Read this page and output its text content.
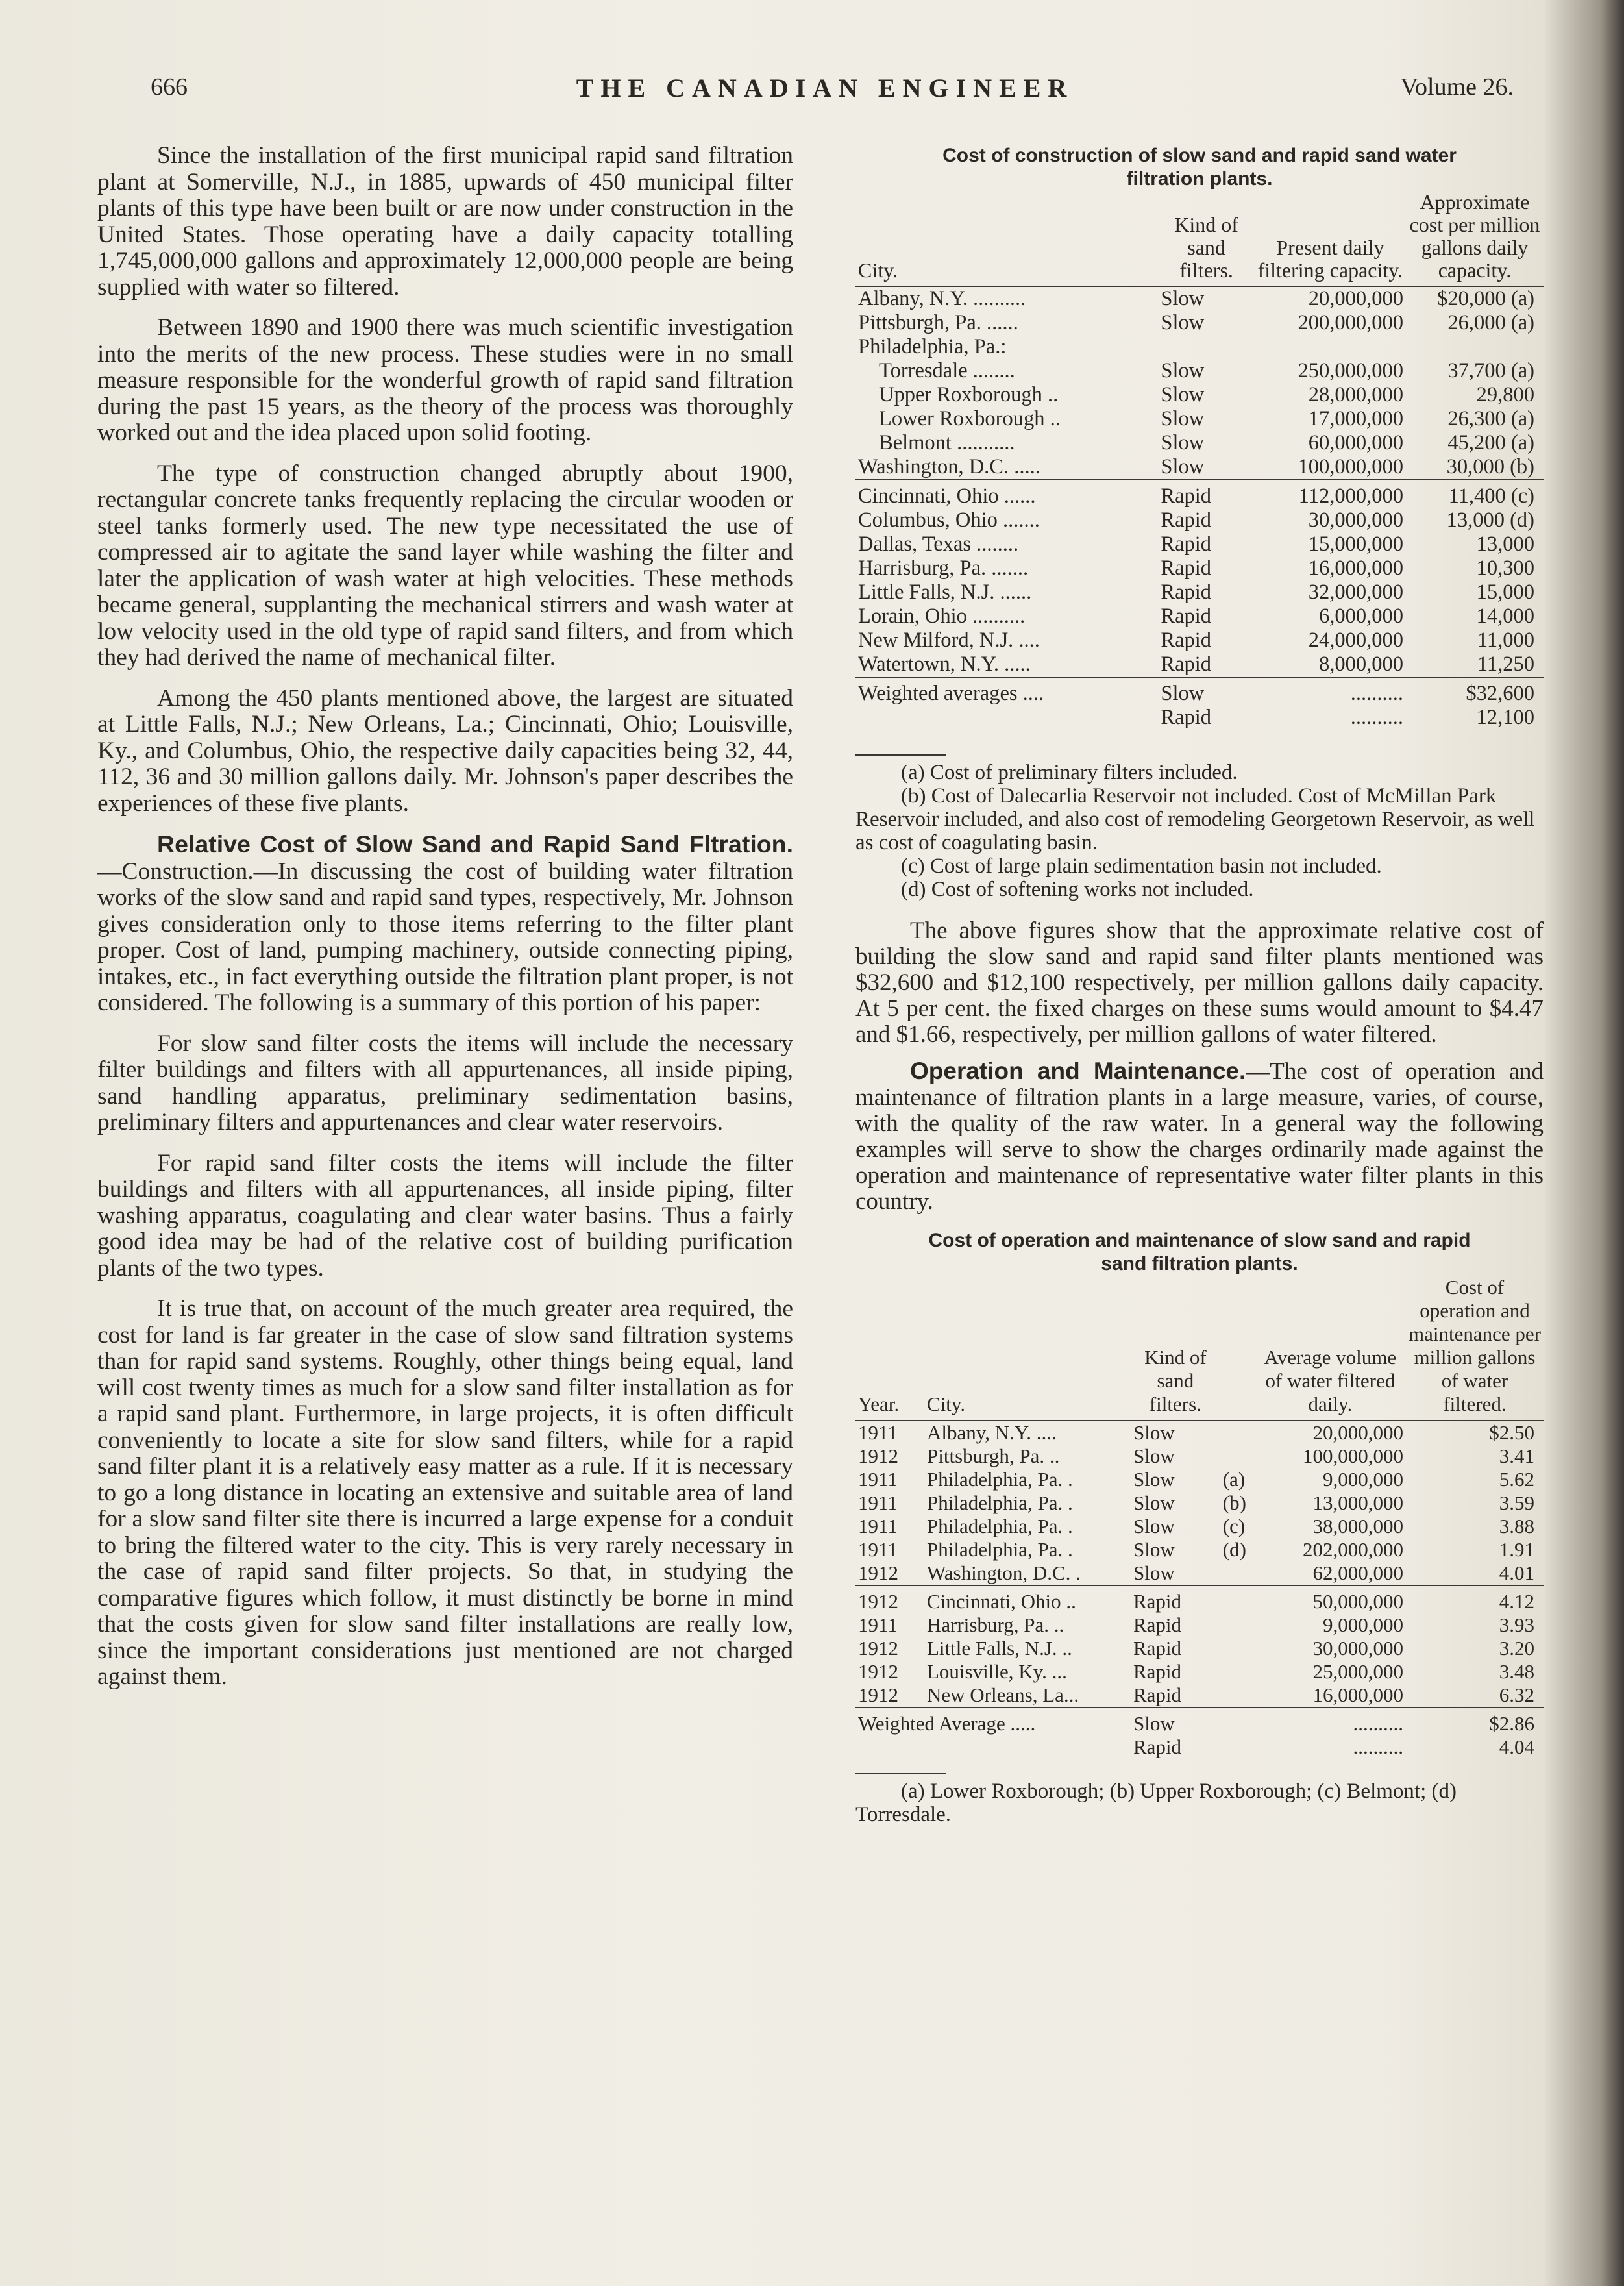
666	THE CANADIAN ENGINEER	Volume 26.

Since the installation of the first municipal rapid sand filtration plant at Somerville, N.J., in 1885, upwards of 450 municipal filter plants of this type have been built or are now under construction in the United States. Those operating have a daily capacity totalling 1,745,000,000 gallons and approximately 12,000,000 people are being supplied with water so filtered.

Between 1890 and 1900 there was much scientific investigation into the merits of the new process. These studies were in no small measure responsible for the wonderful growth of rapid sand filtration during the past 15 years, as the theory of the process was thoroughly worked out and the idea placed upon solid footing.

The type of construction changed abruptly about 1900, rectangular concrete tanks frequently replacing the circular wooden or steel tanks formerly used. The new type necessitated the use of compressed air to agitate the sand layer while washing the filter and later the application of wash water at high velocities. These methods became general, supplanting the mechanical stirrers and wash water at low velocity used in the old type of rapid sand filters, and from which they had derived the name of mechanical filter.

Among the 450 plants mentioned above, the largest are situated at Little Falls, N.J.; New Orleans, La.; Cincinnati, Ohio; Louisville, Ky., and Columbus, Ohio, the respective daily capacities being 32, 44, 112, 36 and 30 million gallons daily. Mr. Johnson's paper describes the experiences of these five plants.

Relative Cost of Slow Sand and Rapid Sand Fltration.—Construction.—In discussing the cost of building water filtration works of the slow sand and rapid sand types, respectively, Mr. Johnson gives consideration only to those items referring to the filter plant proper. Cost of land, pumping machinery, outside connecting piping, intakes, etc., in fact everything outside the filtration plant proper, is not considered. The following is a summary of this portion of his paper:

For slow sand filter costs the items will include the necessary filter buildings and filters with all appurtenances, all inside piping, sand handling apparatus, preliminary sedimentation basins, preliminary filters and appurtenances and clear water reservoirs.

For rapid sand filter costs the items will include the filter buildings and filters with all appurtenances, all inside piping, filter washing apparatus, coagulating and clear water basins. Thus a fairly good idea may be had of the relative cost of building purification plants of the two types.

It is true that, on account of the much greater area required, the cost for land is far greater in the case of slow sand filtration systems than for rapid sand systems. Roughly, other things being equal, land will cost twenty times as much for a slow sand filter installation as for a rapid sand plant. Furthermore, in large projects, it is often difficult conveniently to locate a site for slow sand filters, while for a rapid sand filter plant it is a relatively easy matter as a rule. If it is necessary to go a long distance in locating an extensive and suitable area of land for a slow sand filter site there is incurred a large expense for a conduit to bring the filtered water to the city. This is very rarely necessary in the case of rapid sand filter projects. So that, in studying the comparative figures which follow, it must distinctly be borne in mind that the costs given for slow sand filter installations are really low, since the important considerations just mentioned are not charged against them.

Cost of construction of slow sand and rapid sand water

filtration plants.

City.	Kind of sand filters.	Present daily filtering capacity.	Approximate cost per million gallons daily capacity.
Albany, N.Y. ..........	Slow	20,000,000	$20,000 (a)
Pittsburgh, Pa. ......	Slow	200,000,000	26,000 (a)
Philadelphia, Pa.:			
Torresdale ........	Slow	250,000,000	37,700 (a)
Upper Roxborough ..	Slow	28,000,000	29,800
Lower Roxborough ..	Slow	17,000,000	26,300 (a)
Belmont ...........	Slow	60,000,000	45,200 (a)
Washington, D.C. .....	Slow	100,000,000	30,000 (b)
Cincinnati, Ohio ......	Rapid	112,000,000	11,400 (c)
Columbus, Ohio .......	Rapid	30,000,000	13,000 (d)
Dallas, Texas ........	Rapid	15,000,000	13,000
Harrisburg, Pa. .......	Rapid	16,000,000	10,300
Little Falls, N.J. ......	Rapid	32,000,000	15,000
Lorain, Ohio ..........	Rapid	6,000,000	14,000
New Milford, N.J. ....	Rapid	24,000,000	11,000
Watertown, N.Y. .....	Rapid	8,000,000	11,250
Weighted averages ....	Slow	..........	$32,600
	Rapid	..........	12,100

(a) Cost of preliminary filters included.

(b) Cost of Dalecarlia Reservoir not included. Cost of McMillan Park Reservoir included, and also cost of remodeling Georgetown Reservoir, as well as cost of coagulating basin.

(c) Cost of large plain sedimentation basin not included.

(d) Cost of softening works not included.

The above figures show that the approximate relative cost of building the slow sand and rapid sand filter plants mentioned was $32,600 and $12,100 respectively, per million gallons daily capacity. At 5 per cent. the fixed charges on these sums would amount to $4.47 and $1.66, respectively, per million gallons of water filtered.

Operation and Maintenance.—The cost of operation and maintenance of filtration plants in a large measure, varies, of course, with the quality of the raw water. In a general way the following examples will serve to show the charges ordinarily made against the operation and maintenance of representative water filter plants in this country.

Cost of operation and maintenance of slow sand and rapid

sand filtration plants.

Year.	City.	Kind of sand filters.		Average volume of water filtered daily.	Cost of operation and maintenance per million gallons of water filtered.
1911	Albany, N.Y. ....	Slow		20,000,000	$2.50
1912	Pittsburgh, Pa. ..	Slow		100,000,000	3.41
1911	Philadelphia, Pa. .	Slow	(a)	9,000,000	5.62
1911	Philadelphia, Pa. .	Slow	(b)	13,000,000	3.59
1911	Philadelphia, Pa. .	Slow	(c)	38,000,000	3.88
1911	Philadelphia, Pa. .	Slow	(d)	202,000,000	1.91
1912	Washington, D.C. .	Slow		62,000,000	4.01
1912	Cincinnati, Ohio ..	Rapid		50,000,000	4.12
1911	Harrisburg, Pa. ..	Rapid		9,000,000	3.93
1912	Little Falls, N.J. ..	Rapid		30,000,000	3.20
1912	Louisville, Ky. ...	Rapid		25,000,000	3.48
1912	New Orleans, La...	Rapid		16,000,000	6.32
Weighted Average .....		Slow		..........	$2.86
		Rapid		..........	4.04

(a) Lower Roxborough; (b) Upper Roxborough; (c) Belmont; (d) Torresdale.
